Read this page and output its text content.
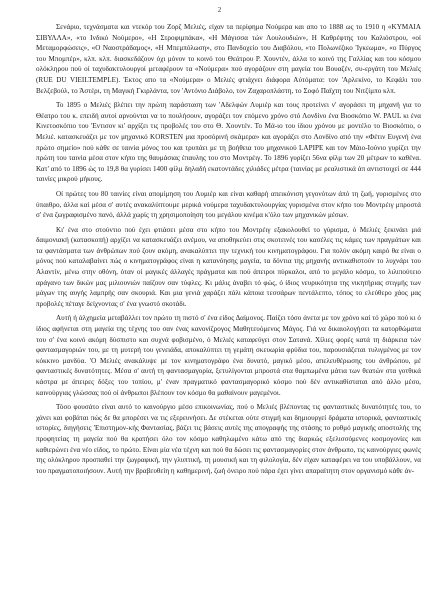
2

Σενάριο, τεχνάσματα και ντεκόρ του Ζορζ Μελιές, είχαν τα περίφημα Νούμερα και απο το 1888 ως το 1910 η «ΚΥΜΑΙΑ ΣΙΒΥΛΛΑ», «το Ινδικό Νούμερο», «Η Στροφιμπάκα», «Η Μάγισσα τών Λουλουδιών», Η Καθρέφτης του Καλιόστρου, «οί Μεταμορφώσεις», «Ο Ναοστράδαμος», «Η Μπεμπόλωση», στο Πανδοχείο του Διαβόλου, «το Πολωνέζικο 'Ιγκεωμα», «ο Πύργος του Μπομπέρ», κλπ. κλπ. διασκεδάζουν όχι μόνον το κοινό του Θεάτρου Ρ. Χουντέν, άλλα το κοινό της Γαλλίας και του κόσμου ολόκληρου πού οί ταχυδακτυλουργοί μεταφέρουν τα «Νούμερα» πού αγοράζουν στη μαγεία του Βουαζέν, συ-εργάτη του Μελιές (RUE DU VIEILTEMPLE). Έκτος απο τα «Νούμερα» ο Μελιές φτιάχνει διάφορα Αύτόματα: τον 'Αρλεκίνο, το Κεφάλι του Βελζεβούλ, το Άστέρι, τη Μαγική Γκιρλάντα, τον 'Αντόνιο Διάβολο, τον Ζαχαροπλάστη, το Σοφό Παϊχτη του Νιτζίμπο κλπ.

Το 1895 ο Μελιές βλέπει την πρώτη παράσταση των 'Αδελφών Λυμιέρ και τους προτείνει ν' αγοράσει τη μηχανή για το Θέατρο του κ. επειδή αυτοί αρνούνται να το πουλήσουν, αγοράζει τον επόμενο χρόνο στό Λονδίνο ένα Βιοσκόπιο W. PAUL κι ένα Κινετοσκόπιο του 'Εντισον κι' αρχίζει τις προβολές του στο Θ. Χουντέν. Το Μά-ιο του ίδιου χρόνου με μοντέλο το Βιοσκόπιο, ο Μελιέ. κατασκευάζει με τον μηχανικό KORSTEN μια προσόρινή σκάμερα» και αγοράζει στο Λονδίνο από την «Φέτιν Ευγενή ένα πρώτο σημείο» πού κάθε σε ταινία μόνος του και τρυπάει με τη βοήθεια του μηχανικού LAPIPE και τον Μάιο-Ιούνιο γυρίζει την πρώτη του ταινία μέσα στον κήπο της θαυμάσιας έπαυλης του στο Μοντρέιγ. Το 1896 γυρίζει 56να φίλμ των 20 μέτρων το καθένα. Κατ' από το 1896 ώς το 19,8 θα γυρίσει 1400 φίλμ δηλαδή εκατοντάδες χιλιάδες μέτρα (ταινίας με ρεαλιστικά άπ αντιστοιχεί σε 444 ταινίες μικρού μήκους.

Οί πρώτες του 80 ταινίες είναι απομίμηση του Λυμιέρ και είναι καθαρή απεικόνιση γεγονότων άπό τη ζωή, γυρισμένες στο ύπαιθρο, άλλα καί μέσα σ' αυτές ανακαλύπτουμε μερικά νούμερα ταχυδακτυλουργίας γυρισμένα στον κήπο του Μοντρέιγ μπροστά σ' ένα ζωγραφισμένο πανό, άλλά χωρίς τη χρησιμοποίηση του μεγάλου κινέμα κ'όλο των μηχανικών μέσων.

Κι' ένα στο στούντιο πού έχει φτιάσει μέσα στο κήπο του Μοντρέιγ εξακολουθεί το γύρισμα, ό Μελιές ξεκινάει μιά δαιμονιακή (κατασκοπή) αρχίζει να κατασκευάζει ανέμου, να αποθηκεύει στις σκοτεινές του κασέλες τις κάμες των πραγμάτων και τα φαντάσματα των άνθρώπων πού ζουν ακόμη, ανακαλύπτει την τεχνική του κινηματογράφου. Για πολύν ακόμη καιρό θα είναι ο μόνος πού καταλαβαίνει πώς ο κινηματογράφος είναι η κατανόησης μαγεία, τα δόντια της μηχανής αντικαθιστούν το λυχνάρι του Αλαντίν, μένω στην οθόνη, όταν οί μαγικές άλλαγές πράγματα και πού άπειροι πύρκαλοι, από το μεγάλο κόσμο, το λιλιπούτειο αράγανο των δικών μας μιλιουνιών παίζουν σαν τύφλες. Κι μάλις άναβει τό φώς, ό ίδιος νευρικότητα της νικητήριας στιγμής των μάγων της αυγής λαμπρής σαν σκουριά. Και μια γενιά χαράζει πάλι κάποια τεσσάρων πεντάλεπτο, τόπος το ελεύθερο χάος μας προβολές πέταγε δείχνοντας σ' ένα γνωστό σκοτάδι.

Αυτή ή άλχημεία μεταβάλλει τον πρώτο τη πιστό σ' ένα είδος Δαίμονος. Παίζει τόσο άνετα με τον χρόνο καί τό χώρο πού κι ό ίδιος αφήνεται στη μαγεία της τέχνης του σαν ένας κανονίζρογος Μαθητευόμενος Μάγος. Γιά να δικαιολογήσει τα κατορθώματα του σ' ένα κοινό ακόμη δύσπιστο και συχνά φοβισμένο, ό Μελιές καταφεύγει στον Σατανά. Χίλιες φορές κατά τη διάρκεια τών φαντασμαγοριών του, με τη μυτερή του γενειάδα, αποκαλύπτει τη γεμάτη σκευωρία φρύδια του, παρουσιάζεται τυλιγμένος με τον κόκκινο μανδύα. 'Ο Μελιές ανακάλυψε με τον κινηματογράφο ένα δυνατό, μαγικό μέσο, απελευθέρωσης του άνθρώπου, μέ φανταστικές δυνατότητες. Μέσα σ' αυτή τη φαντασμαγορία, ξετυλίγονται μπροστά στα θαμπωμένα μάτια των θεατών στα γοτθικά κάστρα με άπειρες δόξες του τοπίου, μ' έναν πραγματικό φαντασμαγορικό κόσμο πού δέν αντικαθίσταται από άλλο μέσο, καινούργιας γλώσσας πού οί άνθρωποι βλέπουν τον κόσμο θα μαθαίνουν μαγεμένοι.

Τόσο φουσάτο είναι αυτό το καινούργιο μέσο επικοινωνίας, πού ο Μελιές βλέποντας τις φανταστικές δυνατότητές του, το χάνει και φοβάται πώς δε θα μπορέσει να τις εξερευνήσει. Δε στέκεται ούτε στιγμή και δημιουργεί δράματα ιστορικά, φανταστικές ιστορίες, διηγήσεις 'Επιστημον-κής Φαντασίας, βάζει τις βάσεις αυτές της απογραφής της στάσης το ρυθμό μαγικής αποστολής της προφητείας τη μαγεία πού θα κρατήσει όλο τον κόσμο καθηλωμένο κάτω από της διαρκώς εξελισσόμενες κοσμογονίες και καθιερώνει ένα νέο είδος, το πρώτο. Είναι μία νέα τέχνη και πού θα δώσει τις φαντασμαγορίες στον άνθρωπο, τις καινούργιες φωνές της ολόκληρου προσπαθεί την ζωγραφική, την γλυπτική, τη μουσική και τη φιλολογία, δέν είχαν καταφέρει να του υποβάλλουν, να του πραγματοποιήσουν. Αυτή την βραβευθείη η καθημερινή, ζωή όνειρο πού πάρα έχει γίνει απαραίτητη στον οργανισμό κάθε άν-
